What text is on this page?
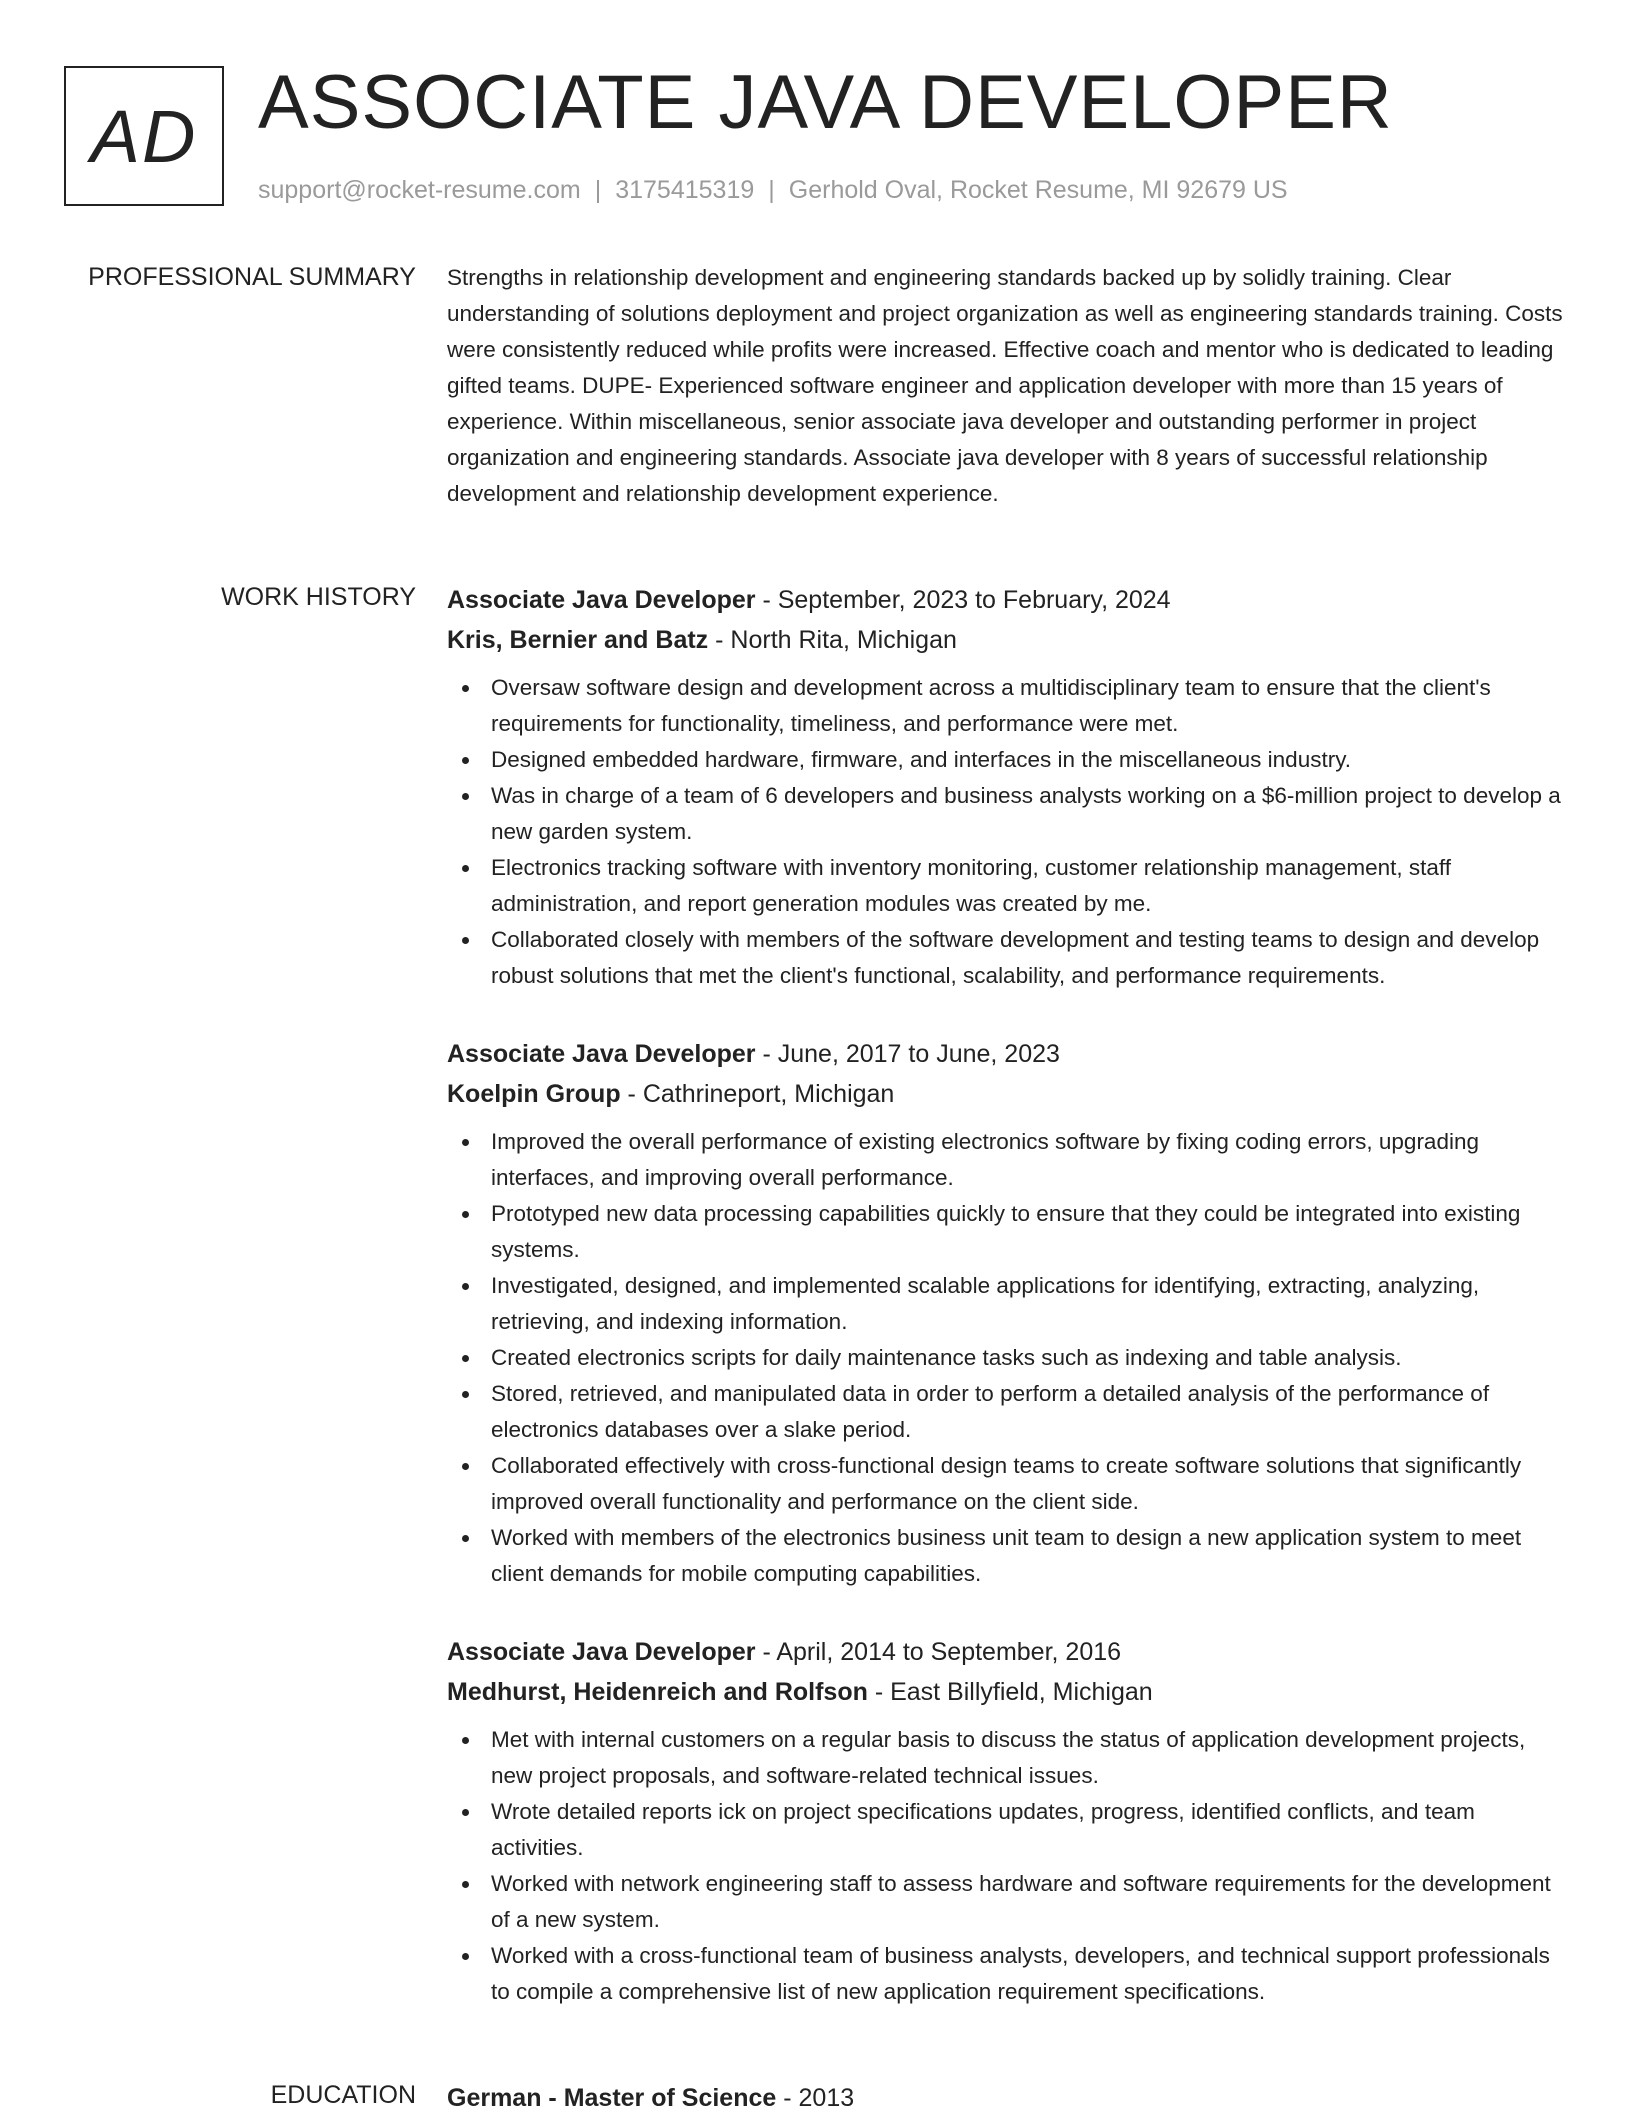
AD ASSOCIATE JAVA DEVELOPER
support@rocket-resume.com | 3175415319 | Gerhold Oval, Rocket Resume, MI 92679 US
PROFESSIONAL SUMMARY Strengths in relationship development and engineering standards backed up by solidly training. Clear understanding of solutions deployment and project organization as well as engineering standards training. Costs were consistently reduced while profits were increased. Effective coach and mentor who is dedicated to leading gifted teams. DUPE- Experienced software engineer and application developer with more than 15 years of experience. Within miscellaneous, senior associate java developer and outstanding performer in project organization and engineering standards. Associate java developer with 8 years of successful relationship development and relationship development experience.

WORK HISTORY Associate Java Developer - September, 2023 to February, 2024
Kris, Bernier and Batz - North Rita, Michigan
Oversaw software design and development across a multidisciplinary team to ensure that the client's requirements for functionality, timeliness, and performance were met.
Designed embedded hardware, firmware, and interfaces in the miscellaneous industry.
Was in charge of a team of 6 developers and business analysts working on a $6-million project to develop a new garden system.
Electronics tracking software with inventory monitoring, customer relationship management, staff administration, and report generation modules was created by me.
Collaborated closely with members of the software development and testing teams to design and develop robust solutions that met the client's functional, scalability, and performance requirements.
Associate Java Developer - June, 2017 to June, 2023
Koelpin Group - Cathrineport, Michigan
Improved the overall performance of existing electronics software by fixing coding errors, upgrading interfaces, and improving overall performance.
Prototyped new data processing capabilities quickly to ensure that they could be integrated into existing systems.
Investigated, designed, and implemented scalable applications for identifying, extracting, analyzing, retrieving, and indexing information.
Created electronics scripts for daily maintenance tasks such as indexing and table analysis.
Stored, retrieved, and manipulated data in order to perform a detailed analysis of the performance of electronics databases over a slake period.
Collaborated effectively with cross-functional design teams to create software solutions that significantly improved overall functionality and performance on the client side.
Worked with members of the electronics business unit team to design a new application system to meet client demands for mobile computing capabilities.
Associate Java Developer - April, 2014 to September, 2016
Medhurst, Heidenreich and Rolfson - East Billyfield, Michigan
Met with internal customers on a regular basis to discuss the status of application development projects, new project proposals, and software-related technical issues.
Wrote detailed reports ick on project specifications updates, progress, identified conflicts, and team activities.
Worked with network engineering staff to assess hardware and software requirements for the development of a new system.
Worked with a cross-functional team of business analysts, developers, and technical support professionals to compile a comprehensive list of new application requirement specifications.
EDUCATION German - Master of Science - 2013
